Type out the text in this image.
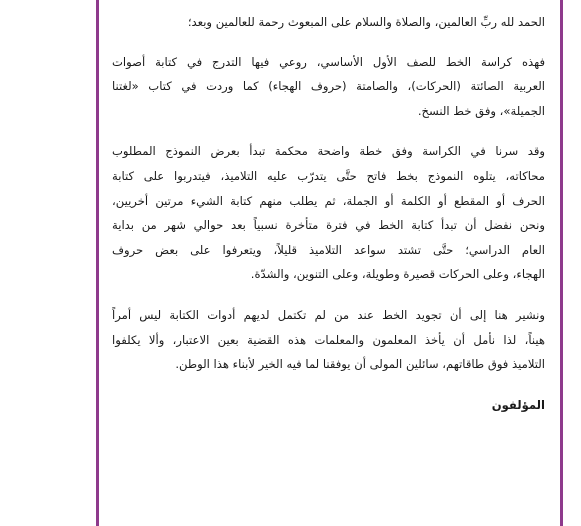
الحمد لله ربِّ العالمين، والصلاة والسلام على المبعوث رحمة للعالمين وبعد؛

فهذه كراسة الخط للصف الأول الأساسي، روعي فيها التدرج في كتابة أصوات
العربية الصائتة (الحركات)، والصامتة (حروف الهجاء) كما وردت في كتاب «لغتنا
الجميلة»، وفق خط النسخ.

وقد سرنا في الكراسة وفق خطة واضحة محكمة تبدأ بعرض النموذج المطلوب
محاكاته، يتلوه النموذج بخط فاتح حتَّى يتدرّب عليه التلاميذ، فيتدربوا على كتابة
الحرف أو المقطع أو الكلمة أو الجملة، ثم يطلب منهم كتابة الشيء مرتين أخريين،
ونحن نفضل أن تبدأ كتابة الخط في فترة متأخرة نسبياً بعد حوالي شهر من بداية
العام الدراسي؛ حتَّى تشتد سواعد التلاميذ قليلاً، ويتعرفوا على بعض حروف
الهجاء، وعلى الحركات قصيرة وطويلة، وعلى التنوين، والشدّة.

ونشير هنا إلى أن تجويد الخط عند من لم تكتمل لديهم أدوات الكتابة ليس أمراً
هيناً، لذا نأمل أن يأخذ المعلمون والمعلمات هذه القضية بعين الاعتبار، وألا يكلفوا
التلاميذ فوق طاقاتهم، سائلين المولى أن يوفقنا لما فيه الخير لأبناء هذا الوطن.

المؤلفون
